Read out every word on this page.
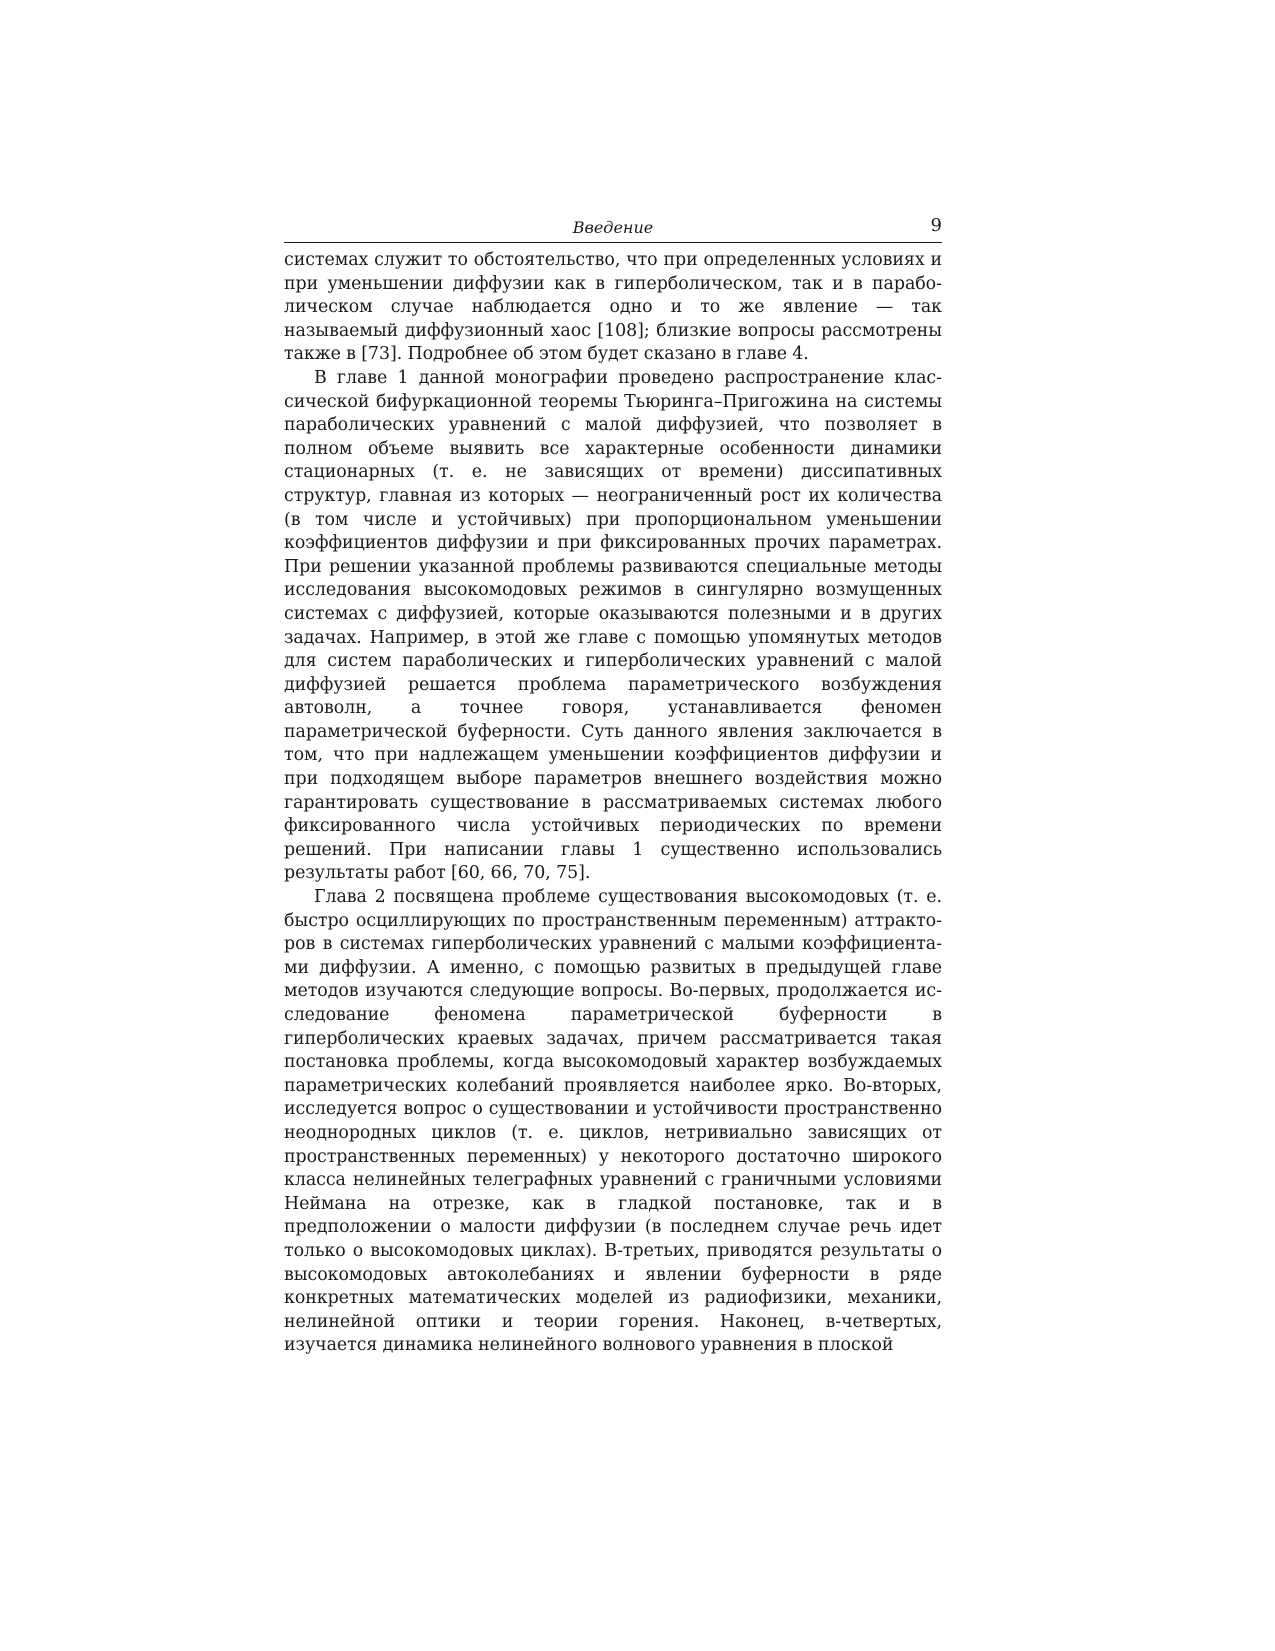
Введение	9

системах служит то обстоятельство, что при определенных условиях и при уменьшении диффузии как в гиперболическом, так и в параболическом случае наблюдается одно и то же явление — так называемый диффузионный хаос [108]; близкие вопросы рассмотрены также в [73]. Подробнее об этом будет сказано в главе 4.

В главе 1 данной монографии проведено распространение классической бифуркационной теоремы Тьюринга–Пригожина на системы параболических уравнений с малой диффузией, что позволяет в полном объеме выявить все характерные особенности динамики стационарных (т. е. не зависящих от времени) диссипативных структур, главная из которых — неограниченный рост их количества (в том числе и устойчивых) при пропорциональном уменьшении коэффициентов диффузии и при фиксированных прочих параметрах. При решении указанной проблемы развиваются специальные методы исследования высокомодовых режимов в сингулярно возмущенных системах с диффузией, которые оказываются полезными и в других задачах. Например, в этой же главе с помощью упомянутых методов для систем параболических и гиперболических уравнений с малой диффузией решается проблема параметрического возбуждения автоволн, а точнее говоря, устанавливается феномен параметрической буферности. Суть данного явления заключается в том, что при надлежащем уменьшении коэффициентов диффузии и при подходящем выборе параметров внешнего воздействия можно гарантировать существование в рассматриваемых системах любого фиксированного числа устойчивых периодических по времени решений. При написании главы 1 существенно использовались результаты работ [60, 66, 70, 75].

Глава 2 посвящена проблеме существования высокомодовых (т. е. быстро осциллирующих по пространственным переменным) аттракторов в системах гиперболических уравнений с малыми коэффициентами диффузии. А именно, с помощью развитых в предыдущей главе методов изучаются следующие вопросы. Во-первых, продолжается исследование феномена параметрической буферности в гиперболических краевых задачах, причем рассматривается такая постановка проблемы, когда высокомодовый характер возбуждаемых параметрических колебаний проявляется наиболее ярко. Во-вторых, исследуется вопрос о существовании и устойчивости пространственно неоднородных циклов (т. е. циклов, нетривиально зависящих от пространственных переменных) у некоторого достаточно широкого класса нелинейных телеграфных уравнений с граничными условиями Неймана на отрезке, как в гладкой постановке, так и в предположении о малости диффузии (в последнем случае речь идет только о высокомодовых циклах). В-третьих, приводятся результаты о высокомодовых автоколебаниях и явлении буферности в ряде конкретных математических моделей из радиофизики, механики, нелинейной оптики и теории горения. Наконец, в-четвертых, изучается динамика нелинейного волнового уравнения в плоской
